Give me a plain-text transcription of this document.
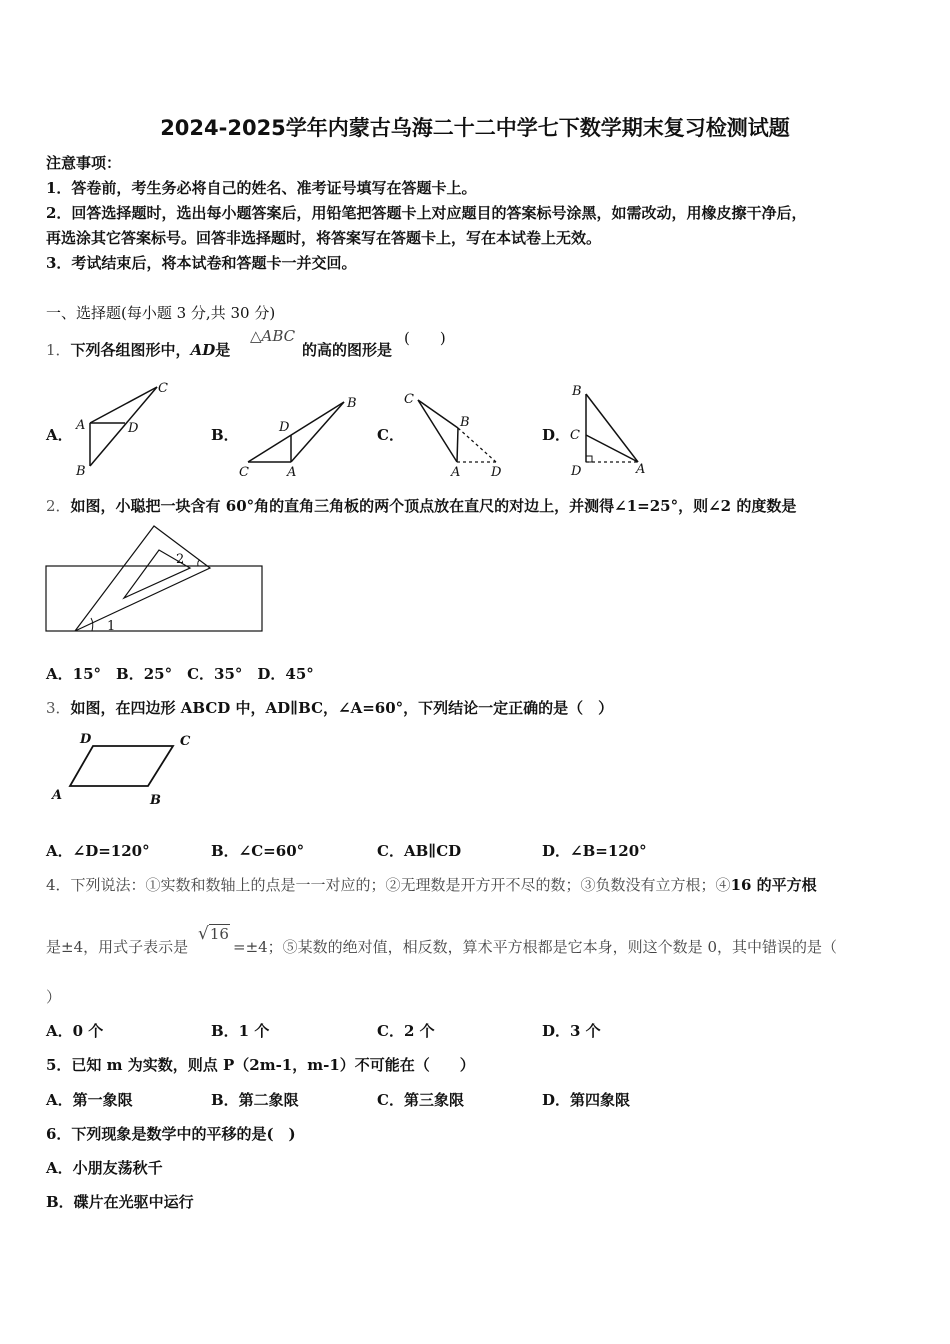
2024-2025学年内蒙古乌海二十二中学七下数学期末复习检测试题
注意事项：
1．答卷前，考生务必将自己的姓名、准考证号填写在答题卡上。
2．回答选择题时，选出每小题答案后，用铅笔把答题卡上对应题目的答案标号涂黑，如需改动，用橡皮擦干净后，
再选涂其它答案标号。回答非选择题时，将答案写在答题卡上，写在本试卷上无效。
3．考试结束后，将本试卷和答题卡一并交回。
一、选择题(每小题 3 分,共 30 分)
1．下列各组图形中，AD是
△ABC
的高的图形是
(　　)
A．	B．	C．	D．
C
A	D
B
B
D
C	A
C
B
A D
B
C
D	A
2．如图，小聪把一块含有 60°角的直角三角板的两个顶点放在直尺的对边上，并测得∠1=25°，则∠2 的度数是
1
2
A．15°　B．25°　C．35°　D．45°
3．如图，在四边形 ABCD 中，AD∥BC，∠A=60°，下列结论一定正确的是（　）
D	C
A	B
A．∠D=120°	B．∠C=60°	C．AB∥CD	D．∠B=120°
4．下列说法：①实数和数轴上的点是一一对应的；②无理数是开方开不尽的数；③负数没有立方根；④16 的平方根
是±4，用式子表示是
√16
=±4；⑤某数的绝对值，相反数，算术平方根都是它本身，则这个数是 0，其中错误的是（
）
A．0 个	B．1 个	C．2 个	D．3 个
5．已知 m 为实数，则点 P（2m-1，m-1）不可能在（　　）
A．第一象限	B．第二象限	C．第三象限	D．第四象限
6．下列现象是数学中的平移的是(　)
A．小朋友荡秋千
B．碟片在光驱中运行
